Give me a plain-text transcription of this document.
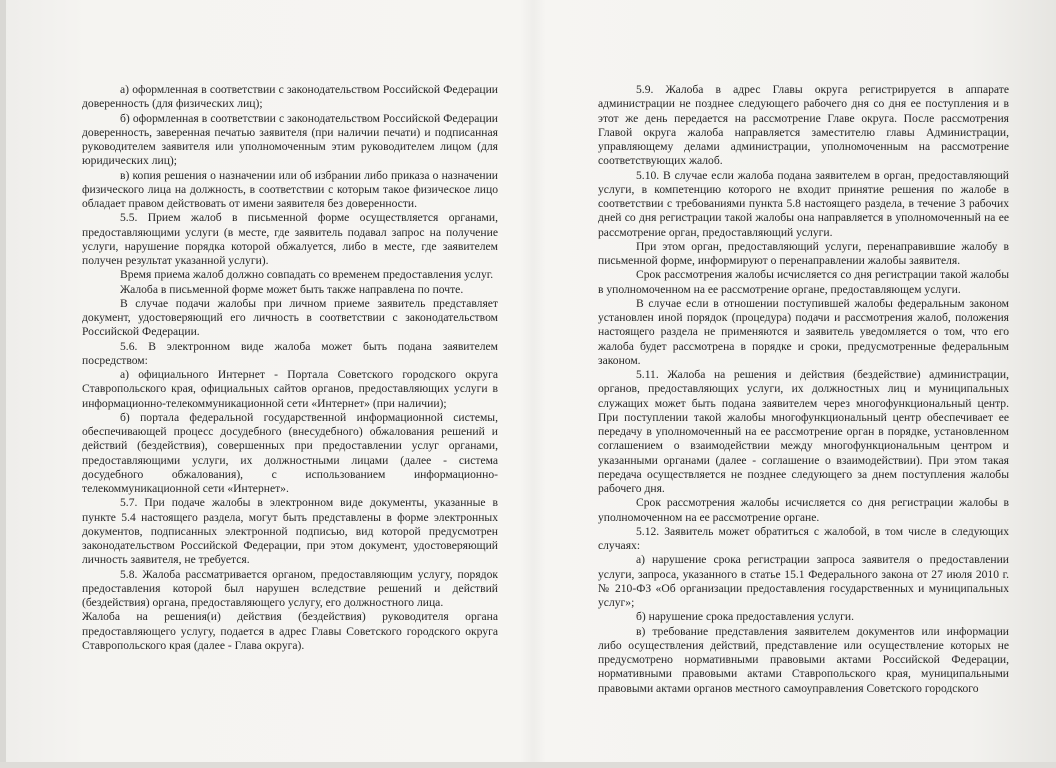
а) оформленная в соответствии с законодательством Российской Федерации доверенность (для физических лиц);

б) оформленная в соответствии с законодательством Российской Федерации доверенность, заверенная печатью заявителя (при наличии печати) и подписанная руководителем заявителя или уполномоченным этим руководителем лицом (для юридических лиц);

в) копия решения о назначении или об избрании либо приказа о назначении физического лица на должность, в соответствии с которым такое физическое лицо обладает правом действовать от имени заявителя без доверенности.

5.5. Прием жалоб в письменной форме осуществляется органами, предоставляющими услуги (в месте, где заявитель подавал запрос на получение услуги, нарушение порядка которой обжалуется, либо в месте, где заявителем получен результат указанной услуги).

Время приема жалоб должно совпадать со временем предоставления услуг.

Жалоба в письменной форме может быть также направлена по почте.

В случае подачи жалобы при личном приеме заявитель представляет документ, удостоверяющий его личность в соответствии с законодательством Российской Федерации.

5.6. В электронном виде жалоба может быть подана заявителем посредством:

а) официального Интернет - Портала Советского городского округа Ставропольского края, официальных сайтов органов, предоставляющих услуги в информационно-телекоммуникационной сети «Интернет» (при наличии);

б) портала федеральной государственной информационной системы, обеспечивающей процесс досудебного (внесудебного) обжалования решений и действий (бездействия), совершенных при предоставлении услуг органами, предоставляющими услуги, их должностными лицами (далее - система досудебного обжалования), с использованием информационно-телекоммуникационной сети «Интернет».

5.7. При подаче жалобы в электронном виде документы, указанные в пункте 5.4 настоящего раздела, могут быть представлены в форме электронных документов, подписанных электронной подписью, вид которой предусмотрен законодательством Российской Федерации, при этом документ, удостоверяющий личность заявителя, не требуется.

5.8. Жалоба рассматривается органом, предоставляющим услугу, порядок предоставления которой был нарушен вследствие решений и действий (бездействия) органа, предоставляющего услугу, его должностного лица.

Жалоба на решения(и) действия (бездействия) руководителя органа предоставляющего услугу, подается в адрес Главы Советского городского округа Ставропольского края (далее - Глава округа).

5.9. Жалоба в адрес Главы округа регистрируется в аппарате администрации не позднее следующего рабочего дня со дня ее поступления и в этот же день передается на рассмотрение Главе округа. После рассмотрения Главой округа жалоба направляется заместителю главы Администрации, управляющему делами администрации, уполномоченным на рассмотрение соответствующих жалоб.

5.10. В случае если жалоба подана заявителем в орган, предоставляющий услуги, в компетенцию которого не входит принятие решения по жалобе в соответствии с требованиями пункта 5.8 настоящего раздела, в течение 3 рабочих дней со дня регистрации такой жалобы она направляется в уполномоченный на ее рассмотрение орган, предоставляющий услуги.

При этом орган, предоставляющий услуги, перенаправившие жалобу в письменной форме, информируют о перенаправлении жалобы заявителя.

Срок рассмотрения жалобы исчисляется со дня регистрации такой жалобы в уполномоченном на ее рассмотрение органе, предоставляющем услуги.

В случае если в отношении поступившей жалобы федеральным законом установлен иной порядок (процедура) подачи и рассмотрения жалоб, положения настоящего раздела не применяются и заявитель уведомляется о том, что его жалоба будет рассмотрена в порядке и сроки, предусмотренные федеральным законом.

5.11. Жалоба на решения и действия (бездействие) администрации, органов, предоставляющих услуги, их должностных лиц и муниципальных служащих может быть подана заявителем через многофункциональный центр. При поступлении такой жалобы многофункциональный центр обеспечивает ее передачу в уполномоченный на ее рассмотрение орган в порядке, установленном соглашением о взаимодействии между многофункциональным центром и указанными органами (далее - соглашение о взаимодействии). При этом такая передача осуществляется не позднее следующего за днем поступления жалобы рабочего дня.

Срок рассмотрения жалобы исчисляется со дня регистрации жалобы в уполномоченном на ее рассмотрение органе.

5.12. Заявитель может обратиться с жалобой, в том числе в следующих случаях:

а) нарушение срока регистрации запроса заявителя о предоставлении услуги, запроса, указанного в статье 15.1 Федерального закона от 27 июля 2010 г. № 210-ФЗ «Об организации предоставления государственных и муниципальных услуг»;

б) нарушение срока предоставления услуги.

в) требование представления заявителем документов или информации либо осуществления действий, представление или осуществление которых не предусмотрено нормативными правовыми актами Российской Федерации, нормативными правовыми актами Ставропольского края, муниципальными правовыми актами органов местного самоуправления Советского городского
